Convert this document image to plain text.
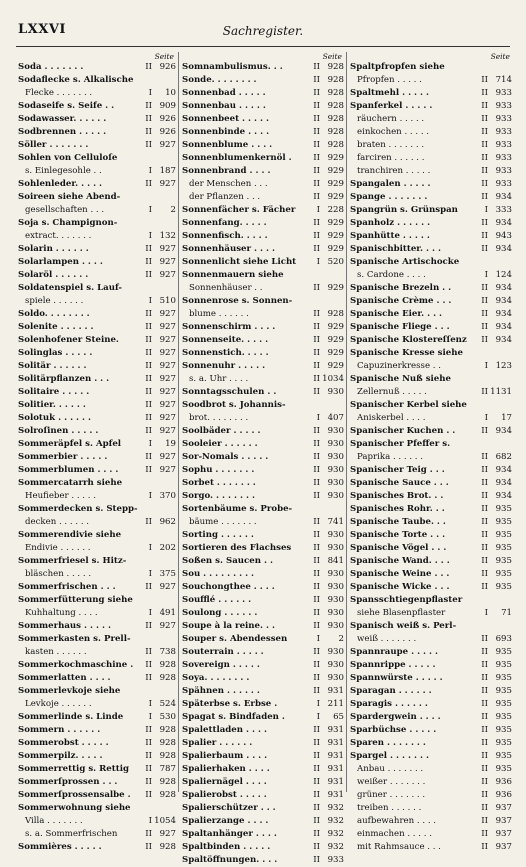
LXXVI	Sachregister.
Seite
Soda . . . . . . .	II 926
Sodaflecke s. Alkalische
Flecke . . . . . . .	I	10
Sodaseife s. Seife . .	II 909
Sodawasser. . . . . .	II 926
Sodbrennen . . . . .	II 926
Söller . . . . . . .	II 927
Sohlen von Celluloſe
s. Einlegesohle . .	I 187
Sohlenleder. . . . .	II 927
Soireen siehe Abend-
gesellschaften . . .	I	2
Soja s. Champignon-
extract. . . . . . .	I 132
Solarin . . . . . .	II 927
Solarlampen . . . .	II 927
Solaröl . . . . . .	II 927
Soldatenspiel s. Lauf-
spiele . . . . . .	I 510
Soldo. . . . . . . .	II 927
Solenite . . . . . .	II 927
Solenhofener Steine.	II 927
Solinglas . . . . .	II 927
Solitär . . . . . .	II 927
Solitärpflanzen . . .	II 927
Solitaire . . . . .	II 927
Solitier. . . . . .	II 927
Solotuk . . . . . .	II 927
Solroſinen . . . . .	II 927
Sommeräpfel s. Apfel	I	19
Sommerbier . . . . .	II 927
Sommerblumen . . . .	II 927
Sommercatarrh siehe
Heufieber . . . . .	I 370
Sommerdecken s. Stepp-
decken . . . . . .	II 962
Sommerendivie siehe
Endivie . . . . . .	I 202
Sommerfriesel s. Hitz-
bläschen . . . . .	I 375
Sommerfrischen . . .	II 927
Sommerfütterung siehe
Kuhhaltung . . . .	I 491
Sommerhaus . . . . .	II 927
Sommerkasten s. Prell-
kasten . . . . . .	II 738
Sommerkochmaschine .	II 928
Sommerlatten . . . .	II 928
Sommerlevkoje siehe
Levkoje . . . . . .	I 524
Sommerlinde s. Linde	I 530
Sommern . . . . . .	II 928
Sommerobst . . . . .	II 928
Sommerpilz. . . . .	II 928
Sommerrettig s. Rettig	II 787
Sommerſprossen . . .	II 928
Sommerſprossensalbe .	II 928
Sommerwohnung siehe
Villa . . . . . . .	I 1054
s. a. Sommerfrischen	II 927
Sommières . . . . .	II 928
Seite
Somnambulismus. . .	II 928
Sonde. . . . . . . .	II 928
Sonnenbad . . . . .	II 928
Sonnenbau . . . . .	II 928
Sonnenbeet . . . . .	II 928
Sonnenbinde . . . .	II 928
Sonnenblume . . . .	II 928
Sonnenblumenkernöl .	II 929
Sonnenbrand . . . .	II 929
der Menschen . . .	II 929
der Pflanzen . . .	II 929
Sonnenfächer s. Fächer	I 228
Sonnenfang. . . . .	II 929
Sonnenfisch. . . . .	II 929
Sonnenhäuser . . . .	II 929
Sonnenlicht siehe Licht	I 520
Sonnenmauern siehe
Sonnenhäuser . .	II 929
Sonnenrose s. Sonnen-
blume . . . . . .	II 928
Sonnenschirm . . . .	II 929
Sonnenseite. . . . .	II 929
Sonnenstich. . . . .	II 929
Sonnenuhr . . . . .	II 929
s. a. Uhr . . . .	II 1034
Sonntagsschulen . .	II 930
Soodbrot s. Johannis-
brot. . . . . . . .	I 407
Soolbäder . . . . .	II 930
Sooleier . . . . . .	II 930
Sor-Nomals . . . . .	II 930
Sophu . . . . . . .	II 930
Sorbet . . . . . . .	II 930
Sorgo. . . . . . . .	II 930
Sortenbäume s. Probe-
bäume . . . . . . .	II 741
Sorting . . . . . .	II 930
Sortieren des Flachses	II 930
Soßen s. Saucen . .	II 841
Sou . . . . . . . . .	II 930
Souchongthee . . . .	II 930
Soufflé . . . . . .	II 930
Soulong . . . . . .	II 930
Soupe à la reine. . .	II 930
Souper s. Abendessen	I	2
Souterrain . . . . .	II 930
Sovereign . . . . .	II 930
Soya. . . . . . . .	II 930
Spähnen . . . . . .	II 931
Späterbse s. Erbse .	I 211
Spagat s. Bindfaden .	I	65
Spalettladen . . . .	II 931
Spalier . . . . . .	II 931
Spalierbaum . . . .	II 931
Spalierhaken . . . .	II 931
Spaliernägel . . . .	II 931
Spalierobst . . . . .	II 931
Spalierschützer . . .	II 932
Spalierzange . . . .	II 932
Spaltanhänger . . . .	II 932
Spaltbinden . . . . .	II 932
Spaltöffnungen. . . .	II 933
Seite
Spaltpfropfen siehe
Pfropfen . . . . .	II 714
Spaltmehl . . . . .	II 933
Spanferkel . . . . .	II 933
räuchern . . . . .	II 933
einkochen . . . . .	II 933
braten . . . . . . .	II 933
farciren . . . . . .	II 933
tranchiren . . . . .	II 933
Spangalen . . . . .	II 933
Spange . . . . . . .	II 934
Spangrün s. Grünspan	I 333
Spanholz . . . . . .	II 934
Spanhütte . . . . .	II 943
Spanischbitter. . . .	II 934
Spanische Artischocke
s. Cardone . . . .	I 124
Spanische Brezeln . .	II 934
Spanische Crème . . .	II 934
Spanische Eier. . . .	II 934
Spanische Fliege . . .	II 934
Spanische Klostereſſenz	II 934
Spanische Kresse siehe
Capuzinerkresse . .	I 123
Spanische Nuß siehe
Zellernuß . . . . .	II 1131
Spanischer Kerbel siehe
Aniskerbel . . . .	I	17
Spanischer Kuchen . .	II 934
Spanischer Pfeffer s.
Paprika . . . . . .	II 682
Spanischer Teig . . .	II 934
Spanische Sauce . . .	II 934
Spanisches Brot. . .	II 934
Spanisches Rohr. . .	II 935
Spanische Taube. . .	II 935
Spanische Torte . . .	II 935
Spanische Vögel . . .	II 935
Spanische Wand. . . .	II 935
Spanische Weine . . .	II 935
Spanische Wicke . . .	II 935
Spansschtiegenpflaster
siehe Blasenpflaster	I	71
Spanisch weiß s. Perl-
weiß . . . . . . .	II 693
Spannraupe . . . . .	II 935
Spannrippe . . . . .	II 935
Spannwürste . . . . .	II 935
Sparagan . . . . . .	II 935
Sparagis . . . . . .	II 935
Spardergwein . . . .	II 935
Sparbüchse . . . . .	II 935
Sparen . . . . . . .	II 935
Spargel . . . . . . .	II 935
Anbau . . . . . . .	II 935
weißer . . . . . . .	II 936
grüner . . . . . . .	II 936
treiben . . . . . .	II 937
aufbewahren . . . .	II 937
einmachen . . . . .	II 937
mit Rahmsauce . . .	II 937
